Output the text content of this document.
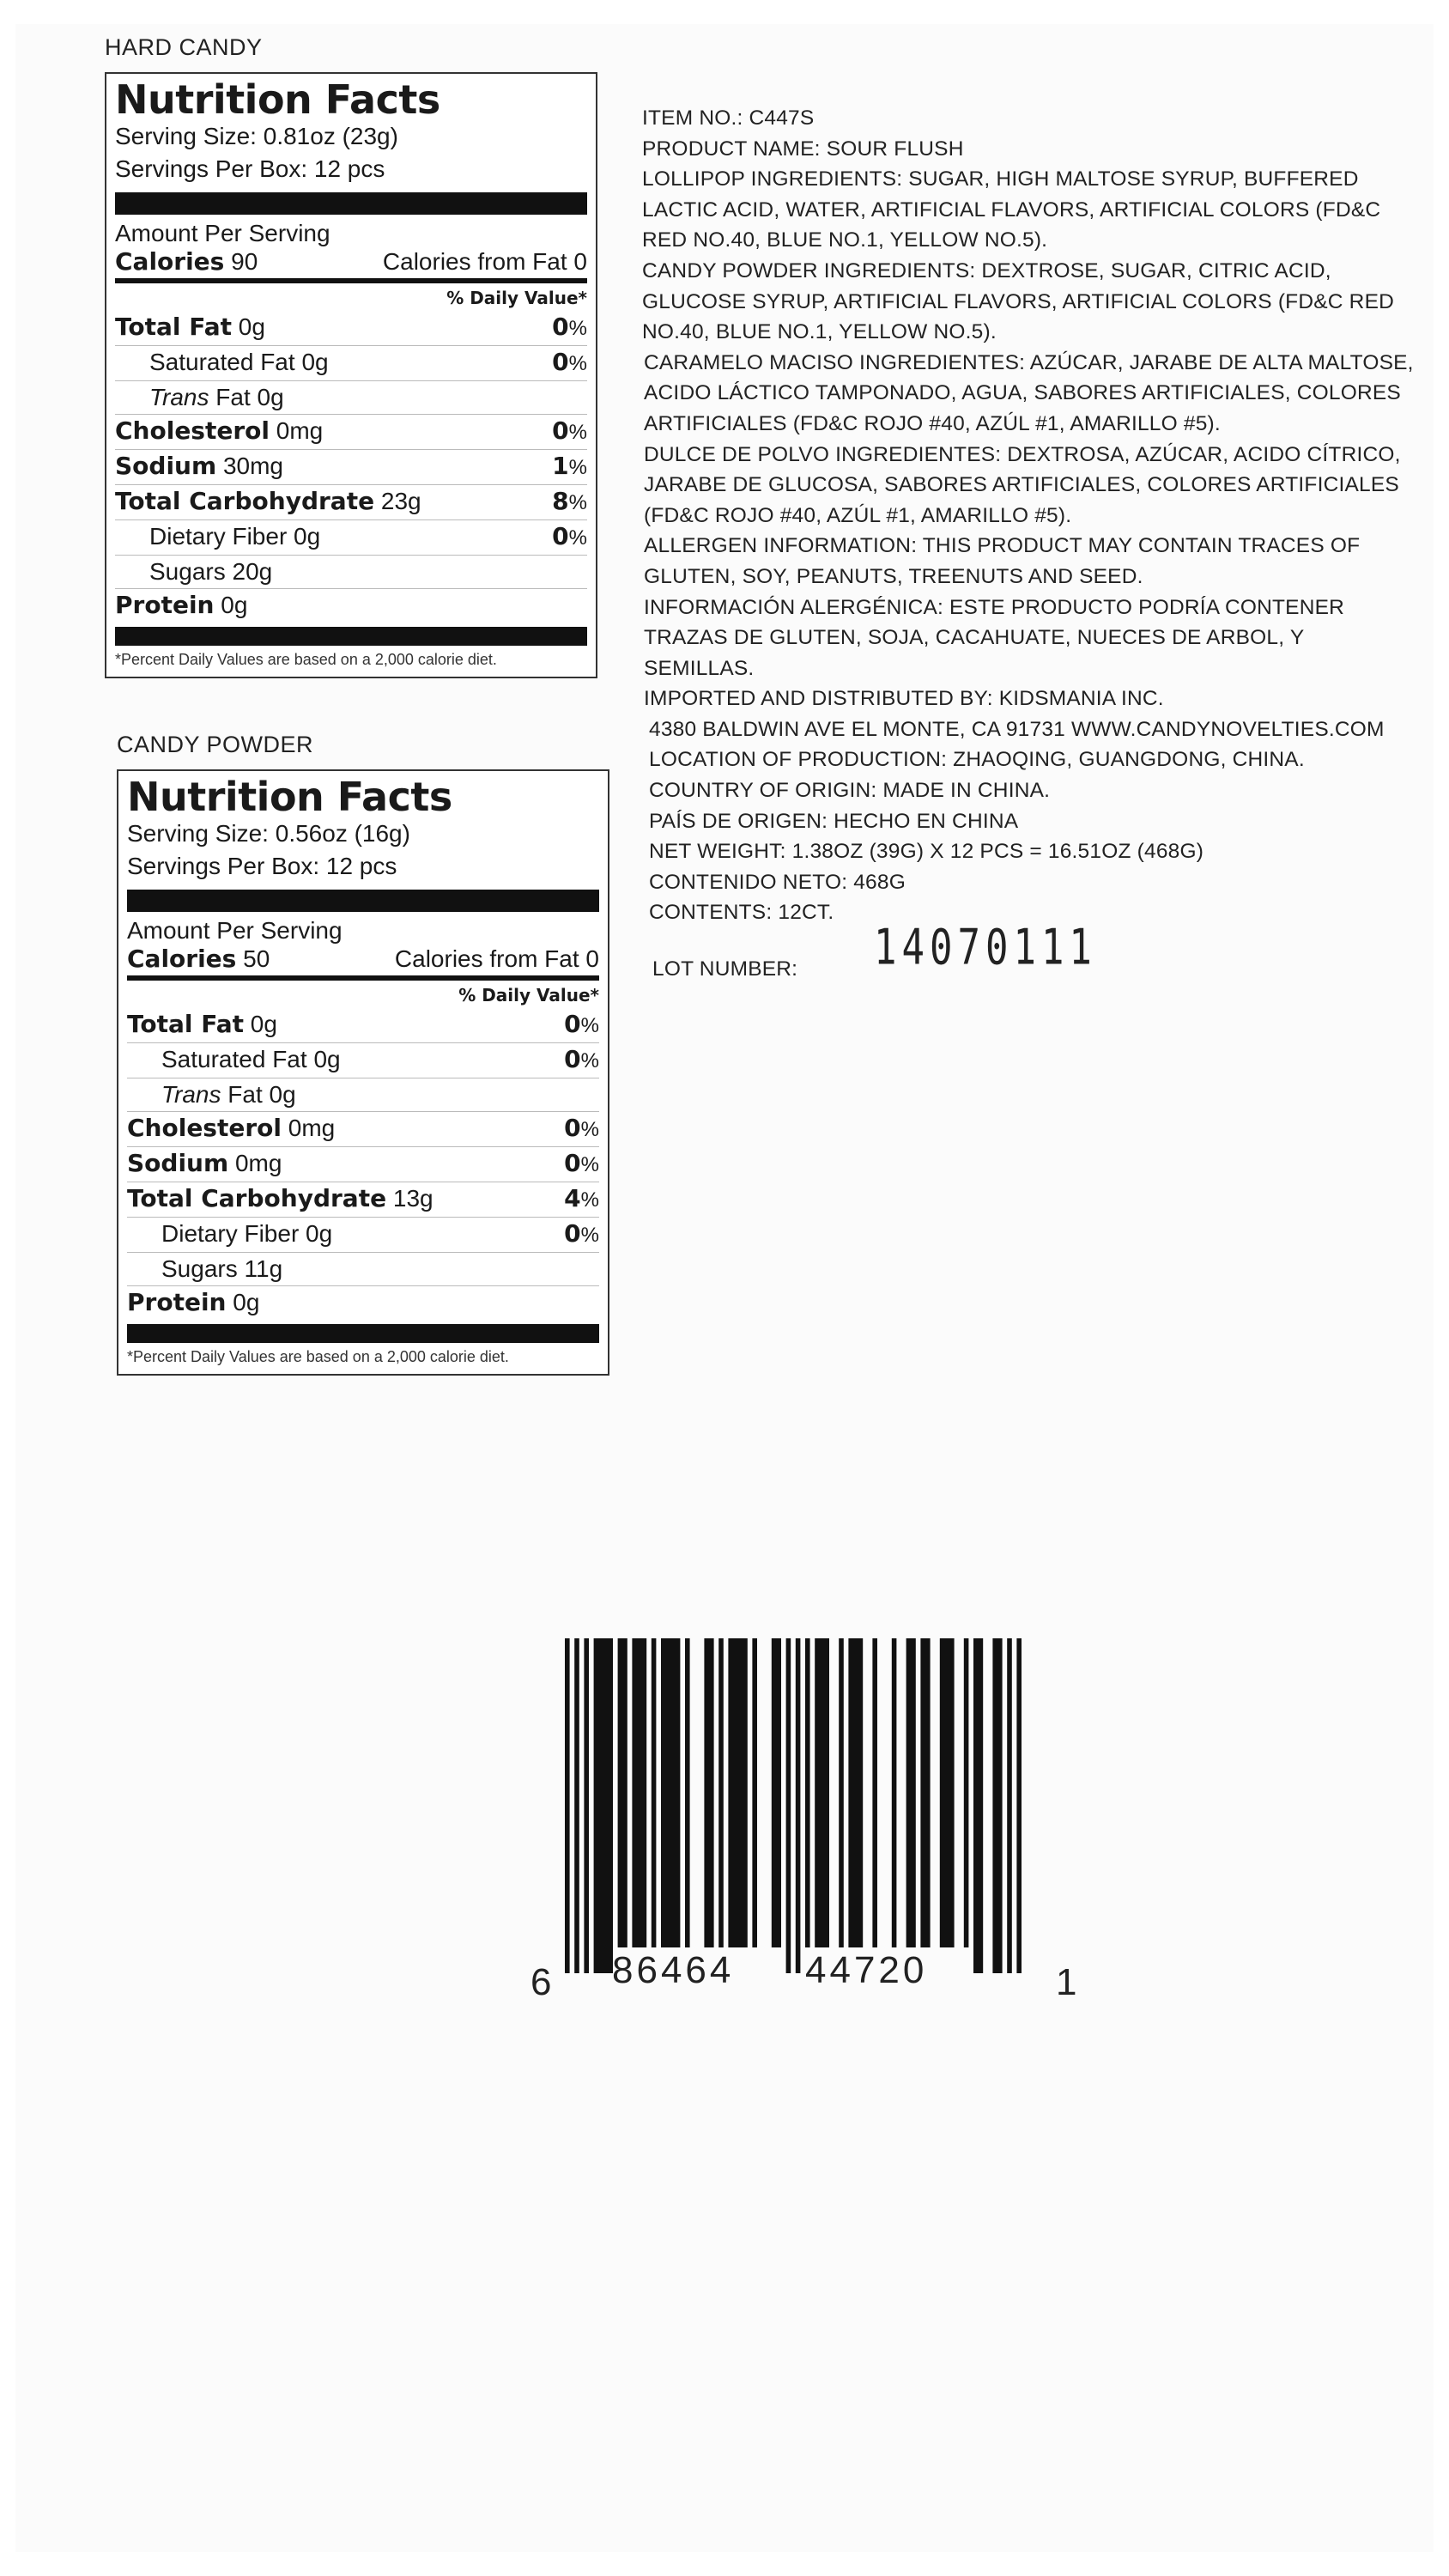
HARD CANDY
Nutrition Facts
Serving Size: 0.81oz (23g)
Servings Per Box: 12 pcs
Amount Per Serving
Calories 90	Calories from Fat 0
% Daily Value*
Total Fat 0g	0%
Saturated Fat 0g	0%
Trans Fat 0g
Cholesterol 0mg	0%
Sodium 30mg	1%
Total Carbohydrate 23g	8%
Dietary Fiber 0g	0%
Sugars 20g
Protein 0g
*Percent Daily Values are based on a 2,000 calorie diet.
CANDY POWDER
Nutrition Facts
Serving Size: 0.56oz (16g)
Servings Per Box: 12 pcs
Amount Per Serving
Calories 50	Calories from Fat 0
% Daily Value*
Total Fat 0g	0%
Saturated Fat 0g	0%
Trans Fat 0g
Cholesterol 0mg	0%
Sodium 0mg	0%
Total Carbohydrate 13g	4%
Dietary Fiber 0g	0%
Sugars 11g
Protein 0g
*Percent Daily Values are based on a 2,000 calorie diet.
ITEM NO.: C447S
PRODUCT NAME: SOUR FLUSH
LOLLIPOP INGREDIENTS: SUGAR, HIGH MALTOSE SYRUP, BUFFERED
LACTIC ACID, WATER, ARTIFICIAL FLAVORS, ARTIFICIAL COLORS (FD&C
RED NO.40, BLUE NO.1, YELLOW NO.5).
CANDY POWDER INGREDIENTS: DEXTROSE, SUGAR, CITRIC ACID,
GLUCOSE SYRUP, ARTIFICIAL FLAVORS, ARTIFICIAL COLORS (FD&C RED
NO.40, BLUE NO.1, YELLOW NO.5).
CARAMELO MACISO INGREDIENTES: AZÚCAR, JARABE DE ALTA MALTOSE,
ACIDO LÁCTICO TAMPONADO, AGUA, SABORES ARTIFICIALES, COLORES
ARTIFICIALES (FD&C ROJO #40, AZÚL #1, AMARILLO #5).
DULCE DE POLVO INGREDIENTES: DEXTROSA, AZÚCAR, ACIDO CÍTRICO,
JARABE DE GLUCOSA, SABORES ARTIFICIALES, COLORES ARTIFICIALES
(FD&C ROJO #40, AZÚL #1, AMARILLO #5).
ALLERGEN INFORMATION: THIS PRODUCT MAY CONTAIN TRACES OF
GLUTEN, SOY, PEANUTS, TREENUTS AND SEED.
INFORMACIÓN ALERGÉNICA: ESTE PRODUCTO PODRÍA CONTENER
TRAZAS DE GLUTEN, SOJA, CACAHUATE, NUECES DE ARBOL, Y
SEMILLAS.
IMPORTED AND DISTRIBUTED BY: KIDSMANIA INC.
4380 BALDWIN AVE EL MONTE, CA 91731 WWW.CANDYNOVELTIES.COM
LOCATION OF PRODUCTION: ZHAOQING, GUANGDONG, CHINA.
COUNTRY OF ORIGIN: MADE IN CHINA.
PAÍS DE ORIGEN: HECHO EN CHINA
NET WEIGHT: 1.38OZ (39G) X 12 PCS = 16.51OZ (468G)
CONTENIDO NETO: 468G
CONTENTS: 12CT.
LOT NUMBER: 14070111
6 86464 44720	1
